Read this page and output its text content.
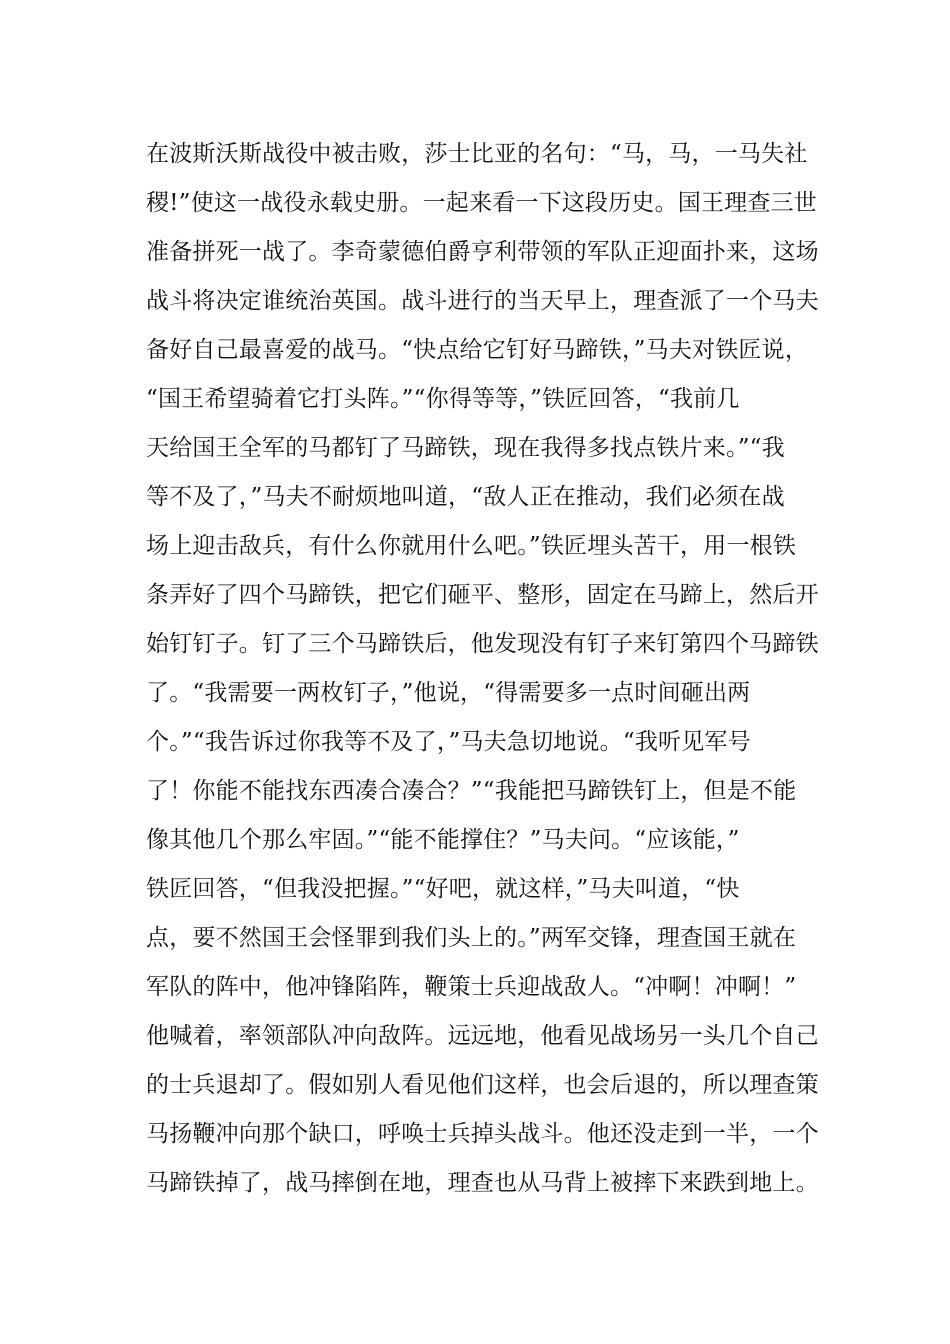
在波斯沃斯战役中被击败，莎士比亚的名句：“马，马，一马失社
稷!”使这一战役永载史册。一起来看一下这段历史。国王理查三世
准备拼死一战了。李奇蒙德伯爵亨利带领的军队正迎面扑来，这场
战斗将决定谁统治英国。战斗进行的当天早上，理查派了一个马夫
备好自己最喜爱的战马。“快点给它钉好马蹄铁，”马夫对铁匠说，
“国王希望骑着它打头阵。”“你得等等，”铁匠回答，“我前几
天给国王全军的马都钉了马蹄铁，现在我得多找点铁片来。”“我
等不及了，”马夫不耐烦地叫道，“敌人正在推动，我们必须在战
场上迎击敌兵，有什么你就用什么吧。”铁匠埋头苦干，用一根铁
条弄好了四个马蹄铁，把它们砸平、整形，固定在马蹄上，然后开
始钉钉子。钉了三个马蹄铁后，他发现没有钉子来钉第四个马蹄铁
了。“我需要一两枚钉子，”他说，“得需要多一点时间砸出两
个。”“我告诉过你我等不及了，”马夫急切地说。“我听见军号
了！你能不能找东西凑合凑合？”“我能把马蹄铁钉上，但是不能
像其他几个那么牢固。”“能不能撑住？”马夫问。“应该能，”
铁匠回答，“但我没把握。”“好吧，就这样，”马夫叫道，“快
点，要不然国王会怪罪到我们头上的。”两军交锋，理查国王就在
军队的阵中，他冲锋陷阵，鞭策士兵迎战敌人。“冲啊！冲啊！”
他喊着，率领部队冲向敌阵。远远地，他看见战场另一头几个自己
的士兵退却了。假如别人看见他们这样，也会后退的，所以理查策
马扬鞭冲向那个缺口，呼唤士兵掉头战斗。他还没走到一半，一个
马蹄铁掉了，战马摔倒在地，理查也从马背上被摔下来跌到地上。
